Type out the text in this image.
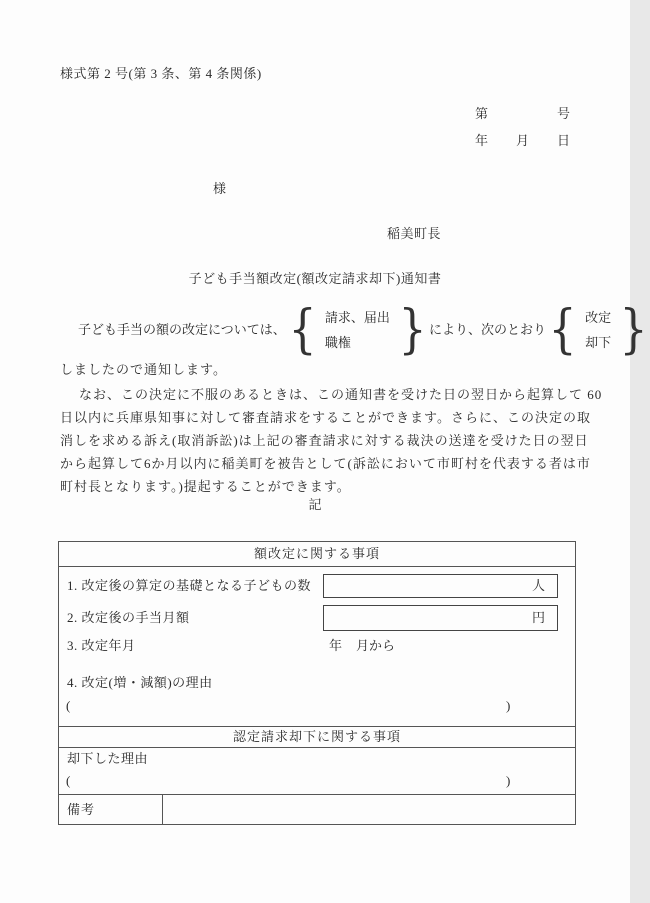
様式第 2 号(第 3 条、第 4 条関係)
第	号
年 月 日
様
稲美町長
子ども手当額改定(額改定請求却下)通知書
子ども手当の額の改定については、 { 請求、届出
職権 } により、次のとおり { 改定
却下 }
しましたので通知します。
なお、この決定に不服のあるときは、この通知書を受けた日の翌日から起算して 60
日以内に兵庫県知事に対して審査請求をすることができます。さらに、この決定の取
消しを求める訴え(取消訴訟)は上記の審査請求に対する裁決の送達を受けた日の翌日
から起算して6か月以内に稲美町を被告として(訴訟において市町村を代表する者は市
町村長となります。)提起することができます。
記
額改定に関する事項
1. 改定後の算定の基礎となる子どもの数	人
2. 改定後の手当月額	円
3. 改定年月	年 月から
4. 改定(増・減額)の理由
(	)
認定請求却下に関する事項
却下した理由
(	)
備考
